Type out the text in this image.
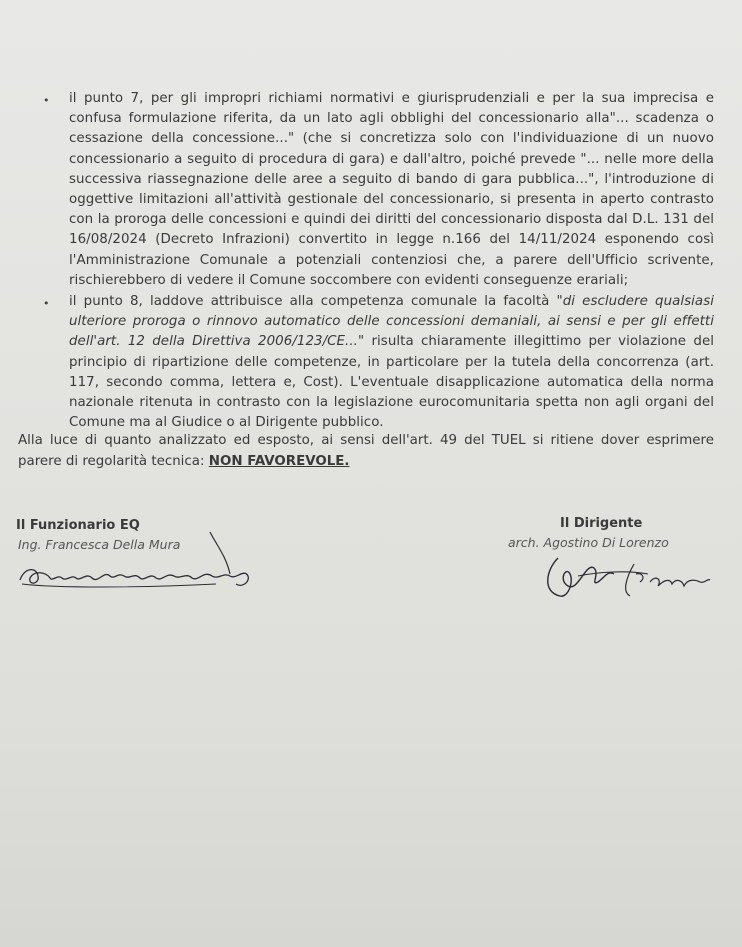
• il punto 7, per gli impropri richiami normativi e giurisprudenziali e per la sua imprecisa e confusa formulazione riferita, da un lato agli obblighi del concessionario alla"... scadenza o cessazione della concessione..." (che si concretizza solo con l'individuazione di un nuovo concessionario a seguito di procedura di gara) e dall'altro, poiché prevede "... nelle more della successiva riassegnazione delle aree a seguito di bando di gara pubblica...", l'introduzione di oggettive limitazioni all'attività gestionale del concessionario, si presenta in aperto contrasto con la proroga delle concessioni e quindi dei diritti del concessionario disposta dal D.L. 131 del 16/08/2024 (Decreto Infrazioni) convertito in legge n.166 del 14/11/2024 esponendo così l'Amministrazione Comunale a potenziali contenziosi che, a parere dell'Ufficio scrivente, rischierebbero di vedere il Comune soccombere con evidenti conseguenze erariali;
• il punto 8, laddove attribuisce alla competenza comunale la facoltà "di escludere qualsiasi ulteriore proroga o rinnovo automatico delle concessioni demaniali, ai sensi e per gli effetti dell'art. 12 della Direttiva 2006/123/CE..." risulta chiaramente illegittimo per violazione del principio di ripartizione delle competenze, in particolare per la tutela della concorrenza (art. 117, secondo comma, lettera e, Cost). L'eventuale disapplicazione automatica della norma nazionale ritenuta in contrasto con la legislazione eurocomunitaria spetta non agli organi del Comune ma al Giudice o al Dirigente pubblico.
Alla luce di quanto analizzato ed esposto, ai sensi dell'art. 49 del TUEL si ritiene dover esprimere parere di regolarità tecnica: NON FAVOREVOLE.
Il Funzionario EQ
Ing. Francesca Della Mura
Il Dirigente
arch. Agostino Di Lorenzo
